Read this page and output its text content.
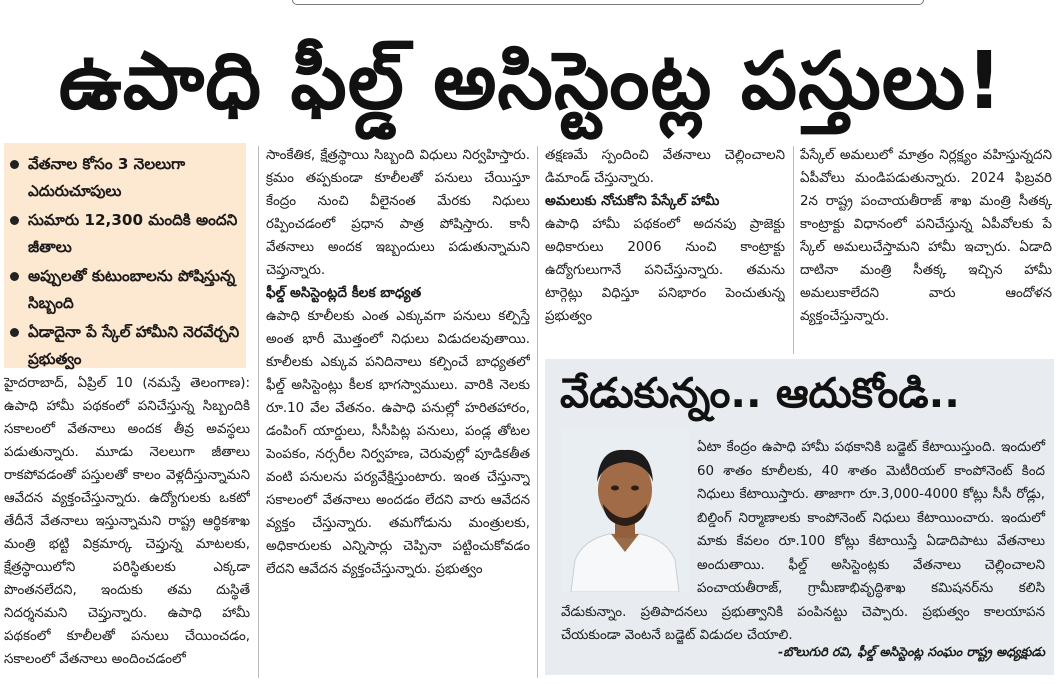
ఉపాధి ఫీల్డ్ అసిస్టెంట్ల పస్తులు!
వేతనాల కోసం 3 నెలలుగా ఎదురుచూపులు
సుమారు 12,300 మందికి అందని జీతాలు
అప్పులతో కుటుంబాలను పోషిస్తున్న సిబ్బంది
ఏడాదైనా పే స్కేల్ హామీని నెరవేర్చని ప్రభుత్వం

హైదరాబాద్, ఏప్రిల్ 10 (నమస్తే తెలంగాణ): ఉపాధి హామీ పథకంలో పనిచేస్తున్న సిబ్బందికి సకాలంలో వేతనాలు అందక తీవ్ర అవస్థలు పడుతున్నారు. మూడు నెలలుగా జీతాలు రాకపోవడంతో పస్తులతో కాలం వెళ్లదీస్తున్నామని ఆవేదన వ్యక్తంచేస్తున్నారు. ఉద్యోగులకు ఒకటో తేదీనే వేతనాలు ఇస్తున్నామని రాష్ట్ర ఆర్థికశాఖ మంత్రి భట్టి విక్రమార్క చెప్తున్న మాటలకు, క్షేత్రస్థాయిలోని పరిస్థితులకు ఎక్కడా పొంతనలేదని, ఇందుకు తమ దుస్థితే నిదర్శనమని చెప్తున్నారు. ఉపాధి హామీ పథకంలో కూలీలతో పనులు చేయించడం, సకాలంలో వేతనాలు అందించడంలో

సాంకేతిక, క్షేత్రస్థాయి సిబ్బంది విధులు నిర్వహిస్తారు. క్రమం తప్పకుండా కూలీలతో పనులు చేయిస్తూ కేంద్రం నుంచి వీలైనంత మేరకు నిధులు రప్పించడంలో ప్రధాన పాత్ర పోషిస్తారు. కానీ వేతనాలు అందక ఇబ్బందులు పడుతున్నామని చెప్తున్నారు.

ఫీల్డ్ అసిస్టెంట్లదే కీలక బాధ్యత

ఉపాధి కూలీలకు ఎంత ఎక్కువగా పనులు కల్పిస్తే అంత భారీ మొత్తంలో నిధులు విడుదలవుతాయి. కూలీలకు ఎక్కువ పనిదినాలు కల్పించే బాధ్యతలో ఫీల్డ్ అసిస్టెంట్లు కీలక భాగస్వాములు. వారికి నెలకు రూ.10 వేల వేతనం. ఉపాధి పనుల్లో హరితహారం, డంపింగ్ యార్డులు, సీసీపిట్ల పనులు, పండ్ల తోటల పెంపకం, నర్సరీల నిర్వహణ, చెరువుల్లో పూడికతీత వంటి పనులను పర్యవేక్షిస్తుంటారు. ఇంత చేస్తున్నా సకాలంలో వేతనాలు అందడం లేదని వారు ఆవేదన వ్యక్తం చేస్తున్నారు. తమగోడును మంత్రులకు, అధికారులకు ఎన్నిసార్లు చెప్పినా పట్టించుకోవడం లేదని ఆవేదన వ్యక్తంచేస్తున్నారు. ప్రభుత్వం

తక్షణమే స్పందించి వేతనాలు చెల్లించాలని డిమాండ్ చేస్తున్నారు.

అమలుకు నోచుకోని పేస్కేల్ హామీ

ఉపాధి హామీ పథకంలో అదనపు ప్రాజెక్టు అధికారులు 2006 నుంచి కాంట్రాక్టు ఉద్యోగులుగానే పనిచేస్తున్నారు. తమను టార్గెట్లు విధిస్తూ పనిభారం పెంచుతున్న ప్రభుత్వం

పేస్కేల్ అమలులో మాత్రం నిర్లక్ష్యం వహిస్తున్నదని ఏపీవోలు మండిపడుతున్నారు. 2024 ఫిబ్రవరి 2న రాష్ట్ర పంచాయతీరాజ్ శాఖ మంత్రి సీతక్క కాంట్రాక్టు విధానంలో పనిచేస్తున్న ఏపీవోలకు పే స్కేల్ అమలుచేస్తామని హామీ ఇచ్చారు. ఏడాది దాటినా మంత్రి సీతక్క ఇచ్చిన హామీ అమలుకాలేదని వారు ఆందోళన వ్యక్తంచేస్తున్నారు.

వేడుకున్నం.. ఆదుకోండి..
ఏటా కేంద్రం ఉపాధి హామీ పథకానికి బడ్జెట్ కేటాయిస్తుంది. ఇందులో 60 శాతం కూలీలకు, 40 శాతం మెటీరియల్ కాంపోనెంట్ కింద నిధులు కేటాయిస్తారు. తాజాగా రూ.3,000-4000 కోట్లు సీసీ రోడ్లు, బిల్డింగ్ నిర్మాణాలకు కాంపోనెంట్ నిధులు కేటాయించారు. ఇందులో మాకు కేవలం రూ.100 కోట్లు కేటాయిస్తే ఏడాదిపాటు వేతనాలు అందుతాయి. ఫీల్డ్ అసిస్టెంట్లకు వేతనాలు చెల్లించాలని పంచాయతీరాజ్, గ్రామీణాభివృద్ధిశాఖ కమిషనర్‌ను కలిసి వేడుకున్నాం. ప్రతిపాదనలు ప్రభుత్వానికి పంపినట్టు చెప్పారు. ప్రభుత్వం కాలయాపన చేయకుండా వెంటనే బడ్జెట్ విడుదల చేయాలి.
-బొలుగురి రవి, ఫీల్డ్ అసిస్టెంట్ల సంఘం రాష్ట్ర అధ్యక్షుడు
